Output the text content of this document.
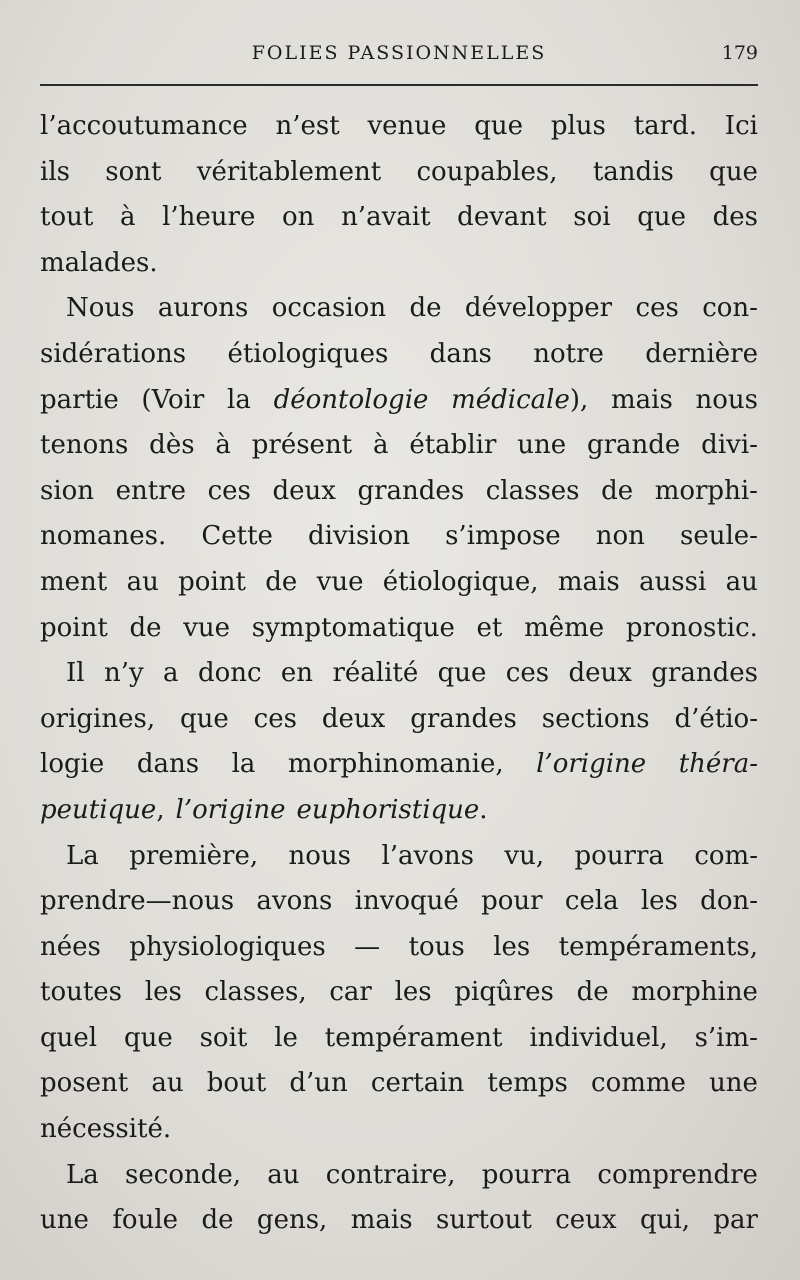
FOLIES PASSIONNELLES	179
l’accoutumance n’est venue que plus tard. Ici
ils sont véritablement coupables, tandis que
tout à l’heure on n’avait devant soi que des
malades.
Nous aurons occasion de développer ces con-
sidérations étiologiques dans notre dernière
partie (Voir la déontologie médicale), mais nous
tenons dès à présent à établir une grande divi-
sion entre ces deux grandes classes de morphi-
nomanes. Cette division s’impose non seule-
ment au point de vue étiologique, mais aussi au
point de vue symptomatique et même pronostic.
Il n’y a donc en réalité que ces deux grandes
origines, que ces deux grandes sections d’étio-
logie dans la morphinomanie, l’origine théra-
peutique, l’origine euphoristique.
La première, nous l’avons vu, pourra com-
prendre—nous avons invoqué pour cela les don-
nées physiologiques — tous les tempéraments,
toutes les classes, car les piqûres de morphine
quel que soit le tempérament individuel, s’im-
posent au bout d’un certain temps comme une
nécessité.
La seconde, au contraire, pourra comprendre
une foule de gens, mais surtout ceux qui, par
